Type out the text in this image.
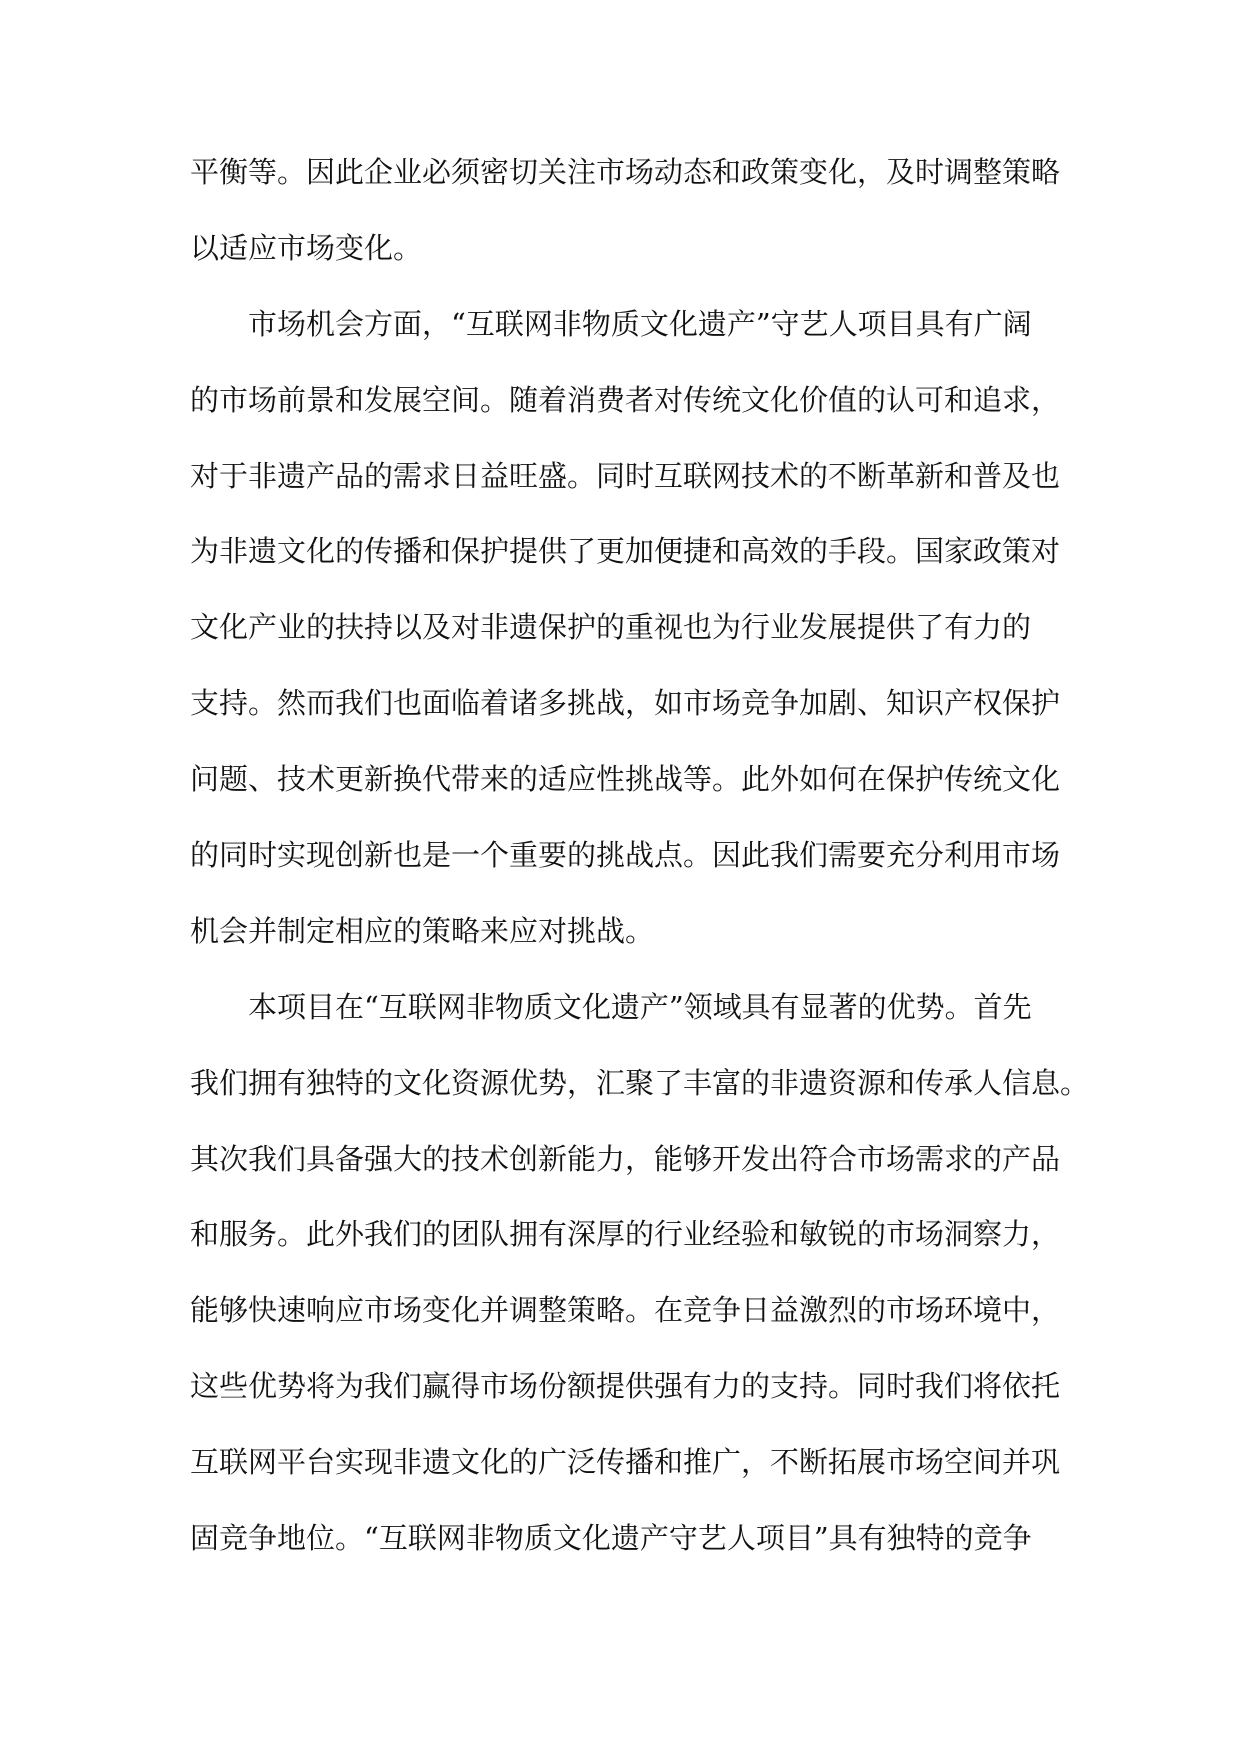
平衡等。因此企业必须密切关注市场动态和政策变化，及时调整策略
以适应市场变化。
市场机会方面，“互联网非物质文化遗产”守艺人项目具有广阔
的市场前景和发展空间。随着消费者对传统文化价值的认可和追求，
对于非遗产品的需求日益旺盛。同时互联网技术的不断革新和普及也
为非遗文化的传播和保护提供了更加便捷和高效的手段。国家政策对
文化产业的扶持以及对非遗保护的重视也为行业发展提供了有力的
支持。然而我们也面临着诸多挑战，如市场竞争加剧、知识产权保护
问题、技术更新换代带来的适应性挑战等。此外如何在保护传统文化
的同时实现创新也是一个重要的挑战点。因此我们需要充分利用市场
机会并制定相应的策略来应对挑战。
本项目在“互联网非物质文化遗产”领域具有显著的优势。首先
我们拥有独特的文化资源优势，汇聚了丰富的非遗资源和传承人信息。
其次我们具备强大的技术创新能力，能够开发出符合市场需求的产品
和服务。此外我们的团队拥有深厚的行业经验和敏锐的市场洞察力，
能够快速响应市场变化并调整策略。在竞争日益激烈的市场环境中，
这些优势将为我们赢得市场份额提供强有力的支持。同时我们将依托
互联网平台实现非遗文化的广泛传播和推广，不断拓展市场空间并巩
固竞争地位。“互联网非物质文化遗产守艺人项目”具有独特的竞争
